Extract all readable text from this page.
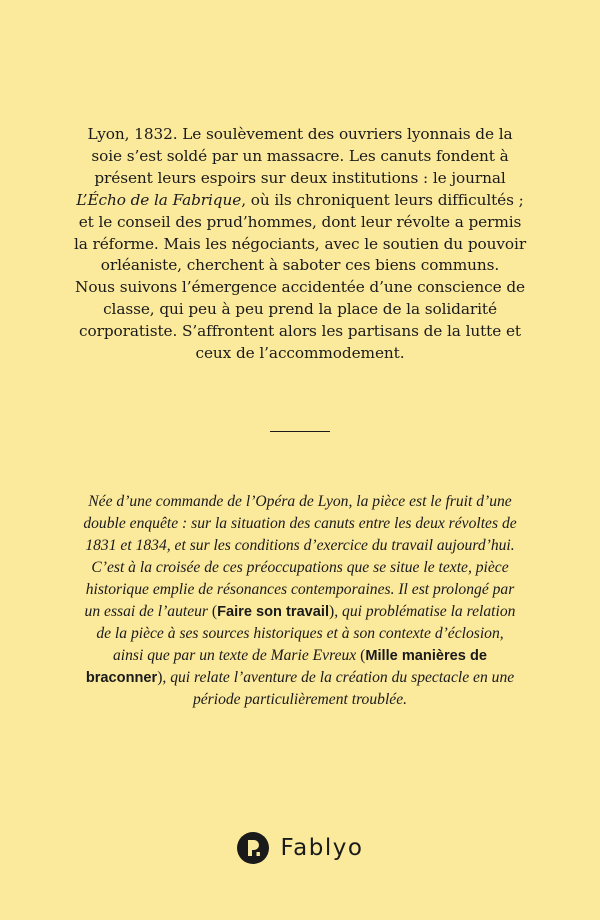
Lyon, 1832. Le soulèvement des ouvriers lyonnais de la soie s’est soldé par un massacre. Les canuts fondent à présent leurs espoirs sur deux institutions : le journal L’Écho de la Fabrique, où ils chroniquent leurs difficultés ; et le conseil des prud’hommes, dont leur révolte a permis la réforme. Mais les négociants, avec le soutien du pouvoir orléaniste, cherchent à saboter ces biens communs.

Nous suivons l’émergence accidentée d’une conscience de classe, qui peu à peu prend la place de la solidarité corporatiste. S’affrontent alors les partisans de la lutte et ceux de l’accommodement.

Née d’une commande de l’Opéra de Lyon, la pièce est le fruit d’une double enquête : sur la situation des canuts entre les deux révoltes de 1831 et 1834, et sur les conditions d’exercice du travail aujourd’hui. C’est à la croisée de ces préoccupations que se situe le texte, pièce historique emplie de résonances contemporaines. Il est prolongé par un essai de l’auteur (Faire son travail), qui problématise la relation de la pièce à ses sources historiques et à son contexte d’éclosion, ainsi que par un texte de Marie Evreux (Mille manières de braconner), qui relate l’aventure de la création du spectacle en une période particulièrement troublée.

Fablyo
